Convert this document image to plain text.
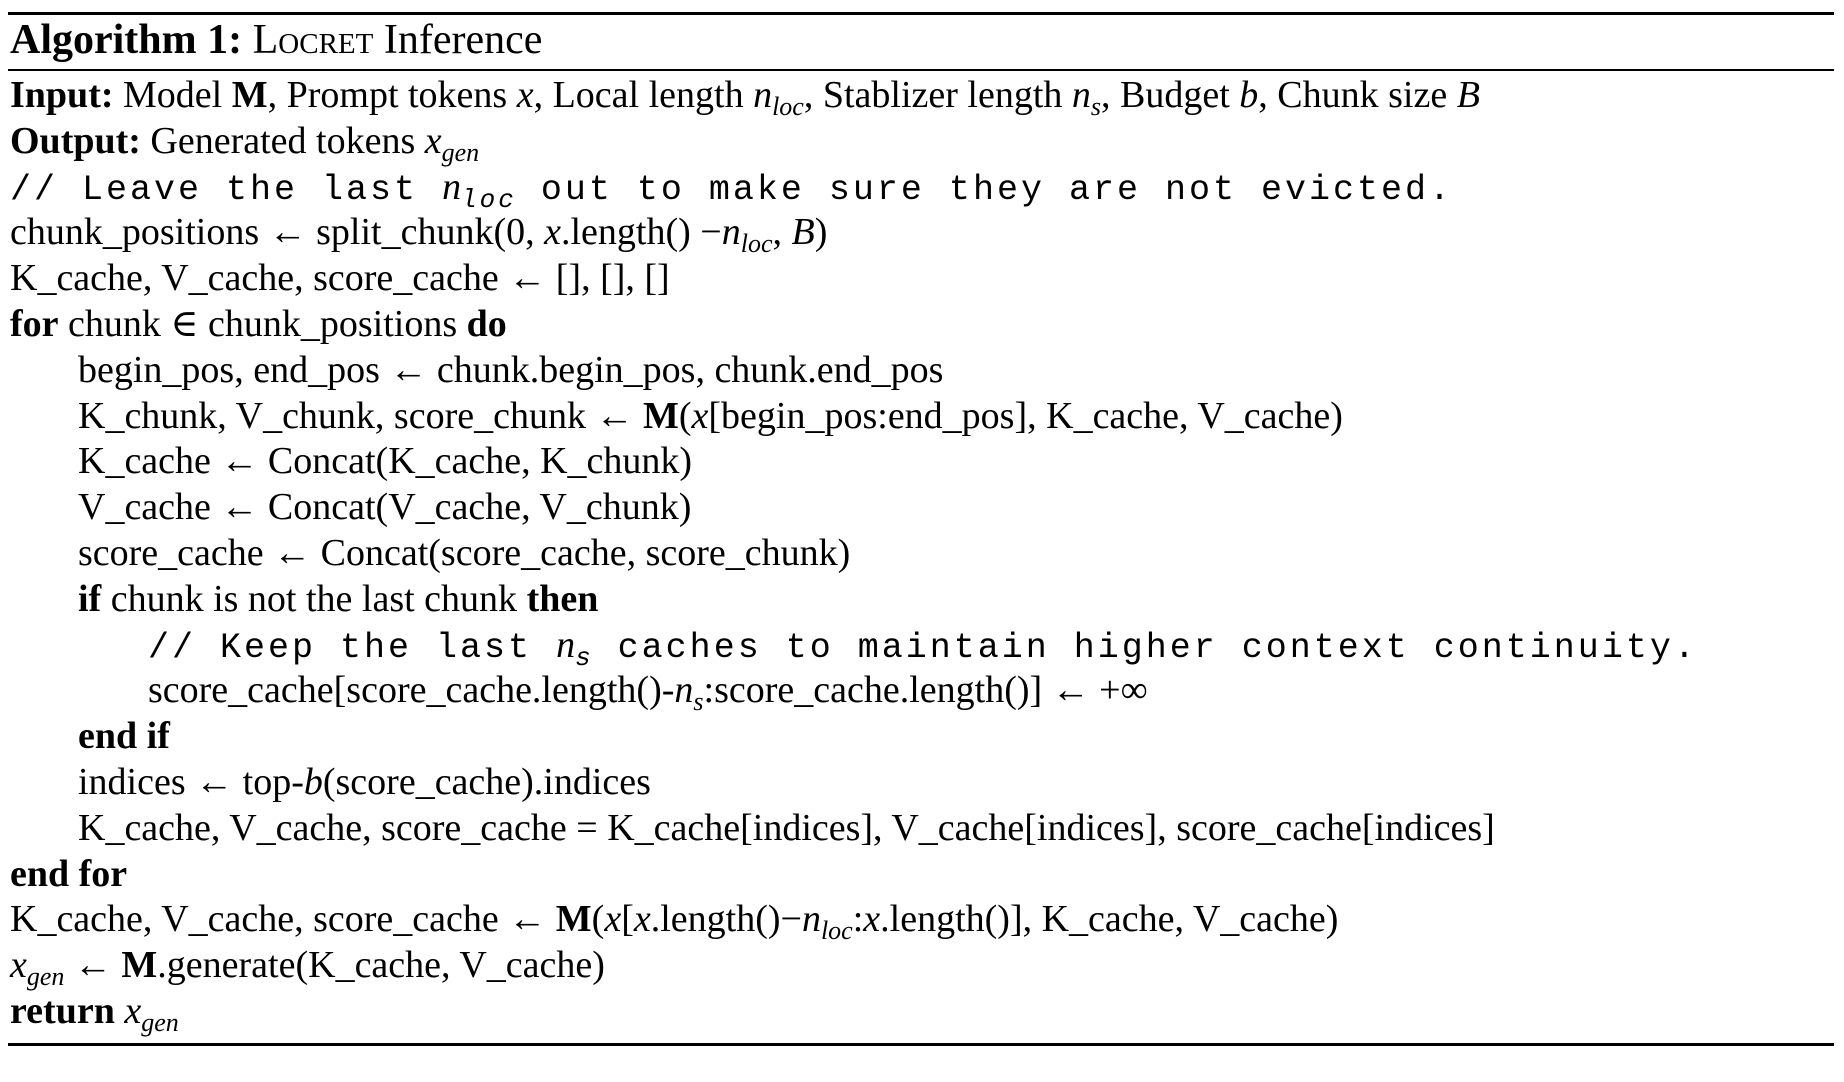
Algorithm 1: Locret Inference
Input: Model M, Prompt tokens x, Local length $n_{loc}$, Stablizer length $n_s$, Budget b, Chunk size B
Output: Generated tokens $x_{gen}$
// Leave the last $n_{loc}$ out to make sure they are not evicted.
chunk_positions ← split_chunk(0, x.length() $-n_{loc}$, B)
K_cache, V_cache, score_cache ← [], [], []
for chunk ∈ chunk_positions do
begin_pos, end_pos ← chunk.begin_pos, chunk.end_pos
K_chunk, V_chunk, score_chunk ← M(x[begin_pos:end_pos], K_cache, V_cache)
K_cache ← Concat(K_cache, K_chunk)
V_cache ← Concat(V_cache, V_chunk)
score_cache ← Concat(score_cache, score_chunk)
if chunk is not the last chunk then
// Keep the last $n_s$ caches to maintain higher context continuity.
$score\_cache[score\_cache.length()-n_s:score\_cache.length()]$ ← +∞
end if
indices ← top-b(score_cache).indices
K_cache, V_cache, score_cache = K_cache[indices], V_cache[indices], score_cache[indices]
end for
K_cache, V_cache, score_cache ← $M(x[x.length()-n_{loc}:x.length()]$, K_cache, V_cache)
$x_{gen}$ ← M.generate(K_cache, V_cache)
return $x_{gen}$
